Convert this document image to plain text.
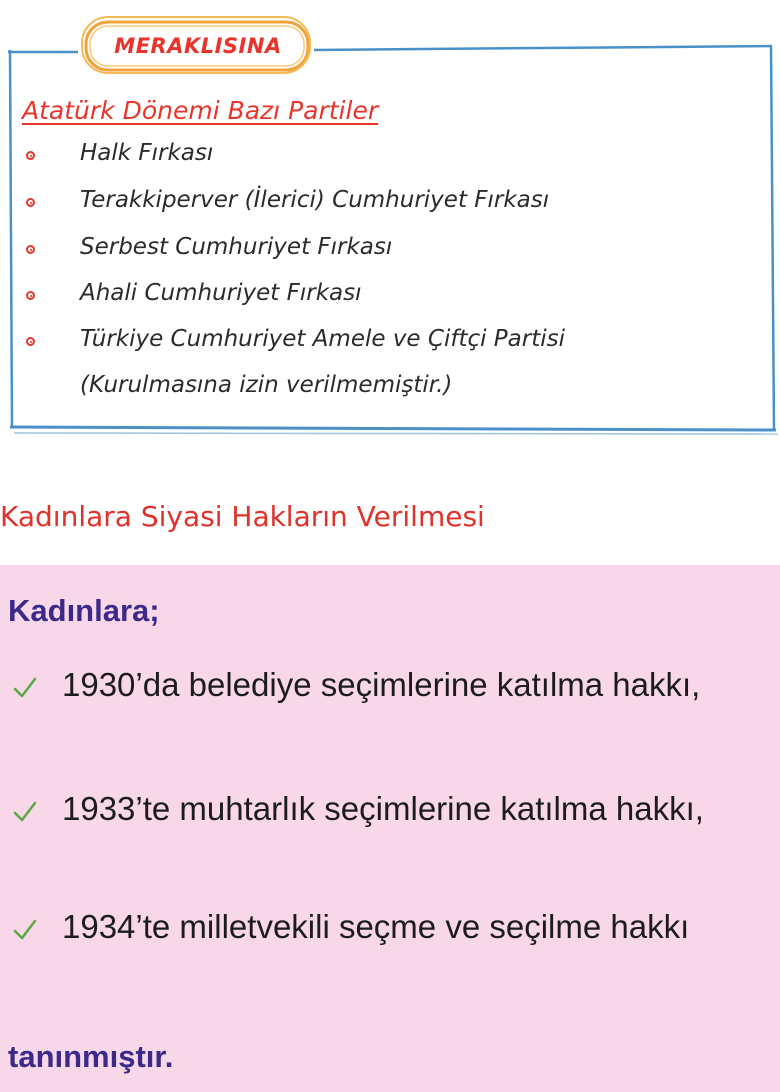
MERAKLISINA
Atatürk Dönemi Bazı Partiler
Halk Fırkası
Terakkiperver (İlerici) Cumhuriyet Fırkası
Serbest Cumhuriyet Fırkası
Ahali Cumhuriyet Fırkası
Türkiye Cumhuriyet Amele ve Çiftçi Partisi
(Kurulmasına izin verilmemiştir.)
Kadınlara Siyasi Hakların Verilmesi
Kadınlara;
1930’da belediye seçimlerine katılma hakkı,
1933’te muhtarlık seçimlerine katılma hakkı,
1934’te milletvekili seçme ve seçilme hakkı
tanınmıştır.
